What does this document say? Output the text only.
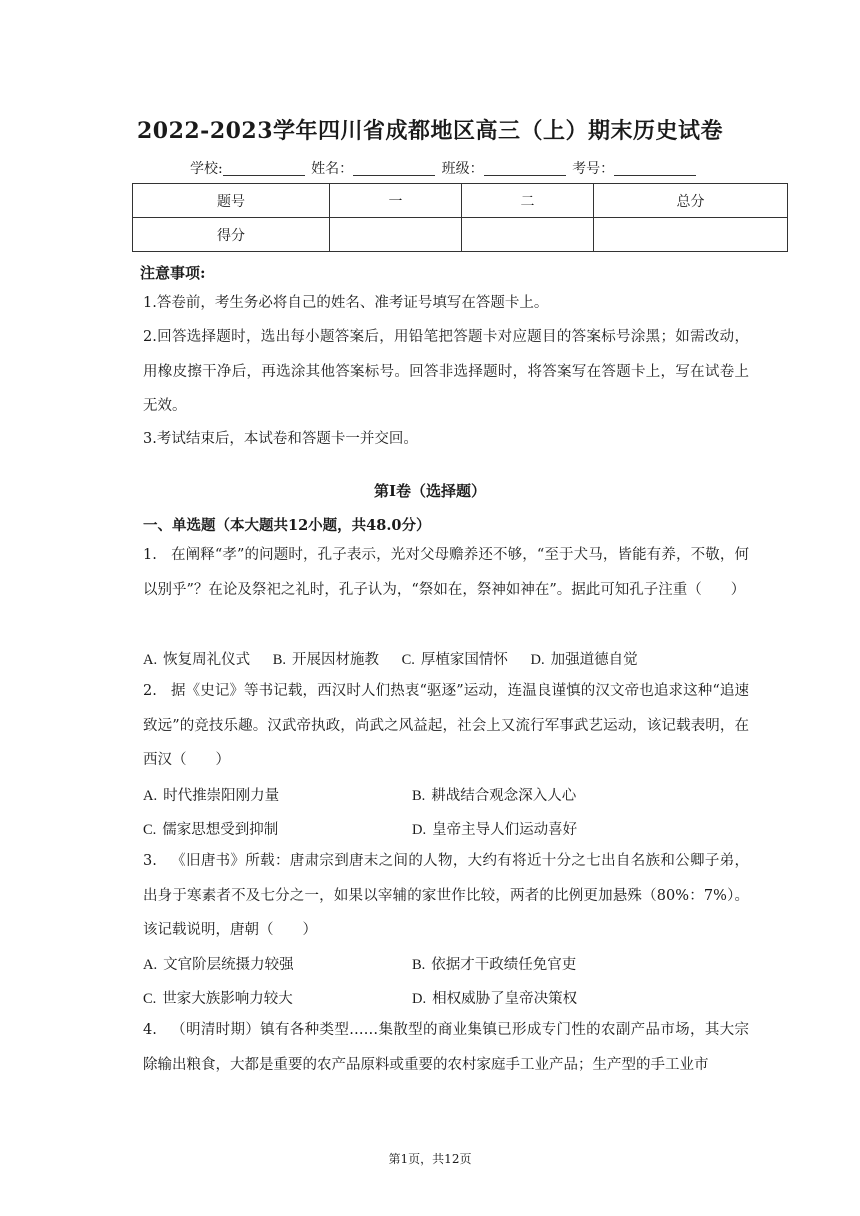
2022-2023学年四川省成都地区高三（上）期末历史试卷
学校:	姓名：	班级：	考号：
题号	一	二	总分
得分			
注意事项:
1.答卷前，考生务必将自己的姓名、准考证号填写在答题卡上。
2.回答选择题时，选出每小题答案后，用铅笔把答题卡对应题目的答案标号涂黑；如需改动，用橡皮擦干净后，再选涂其他答案标号。回答非选择题时，将答案写在答题卡上，写在试卷上无效。
3.考试结束后，本试卷和答题卡一并交回。
第I卷（选择题）
一、单选题（本大题共12小题，共48.0分）
1. 在阐释“孝”的问题时，孔子表示，光对父母赡养还不够，“至于犬马，皆能有养，不敬，何以别乎”？在论及祭祀之礼时，孔子认为，“祭如在，祭神如神在”。据此可知孔子注重（　　）
A. 恢复周礼仪式 B. 开展因材施教 C. 厚植家国情怀 D. 加强道德自觉
2. 据《史记》等书记载，西汉时人们热衷“驱逐”运动，连温良谨慎的汉文帝也追求这种“追速致远”的竞技乐趣。汉武帝执政，尚武之风益起，社会上又流行军事武艺运动，该记载表明，在西汉（　　）
A. 时代推崇阳刚力量	B. 耕战结合观念深入人心
C. 儒家思想受到抑制	D. 皇帝主导人们运动喜好
3. 《旧唐书》所载：唐肃宗到唐末之间的人物，大约有将近十分之七出自名族和公卿子弟，出身于寒素者不及七分之一，如果以宰辅的家世作比较，两者的比例更加悬殊（80%：7%）。该记载说明，唐朝（　　）
A. 文官阶层统摄力较强	B. 依据才干政绩任免官吏
C. 世家大族影响力较大	D. 相权威胁了皇帝决策权
4. （明清时期）镇有各种类型……集散型的商业集镇已形成专门性的农副产品市场，其大宗除输出粮食，大都是重要的农产品原料或重要的农村家庭手工业产品；生产型的手工业市
第1页，共12页
